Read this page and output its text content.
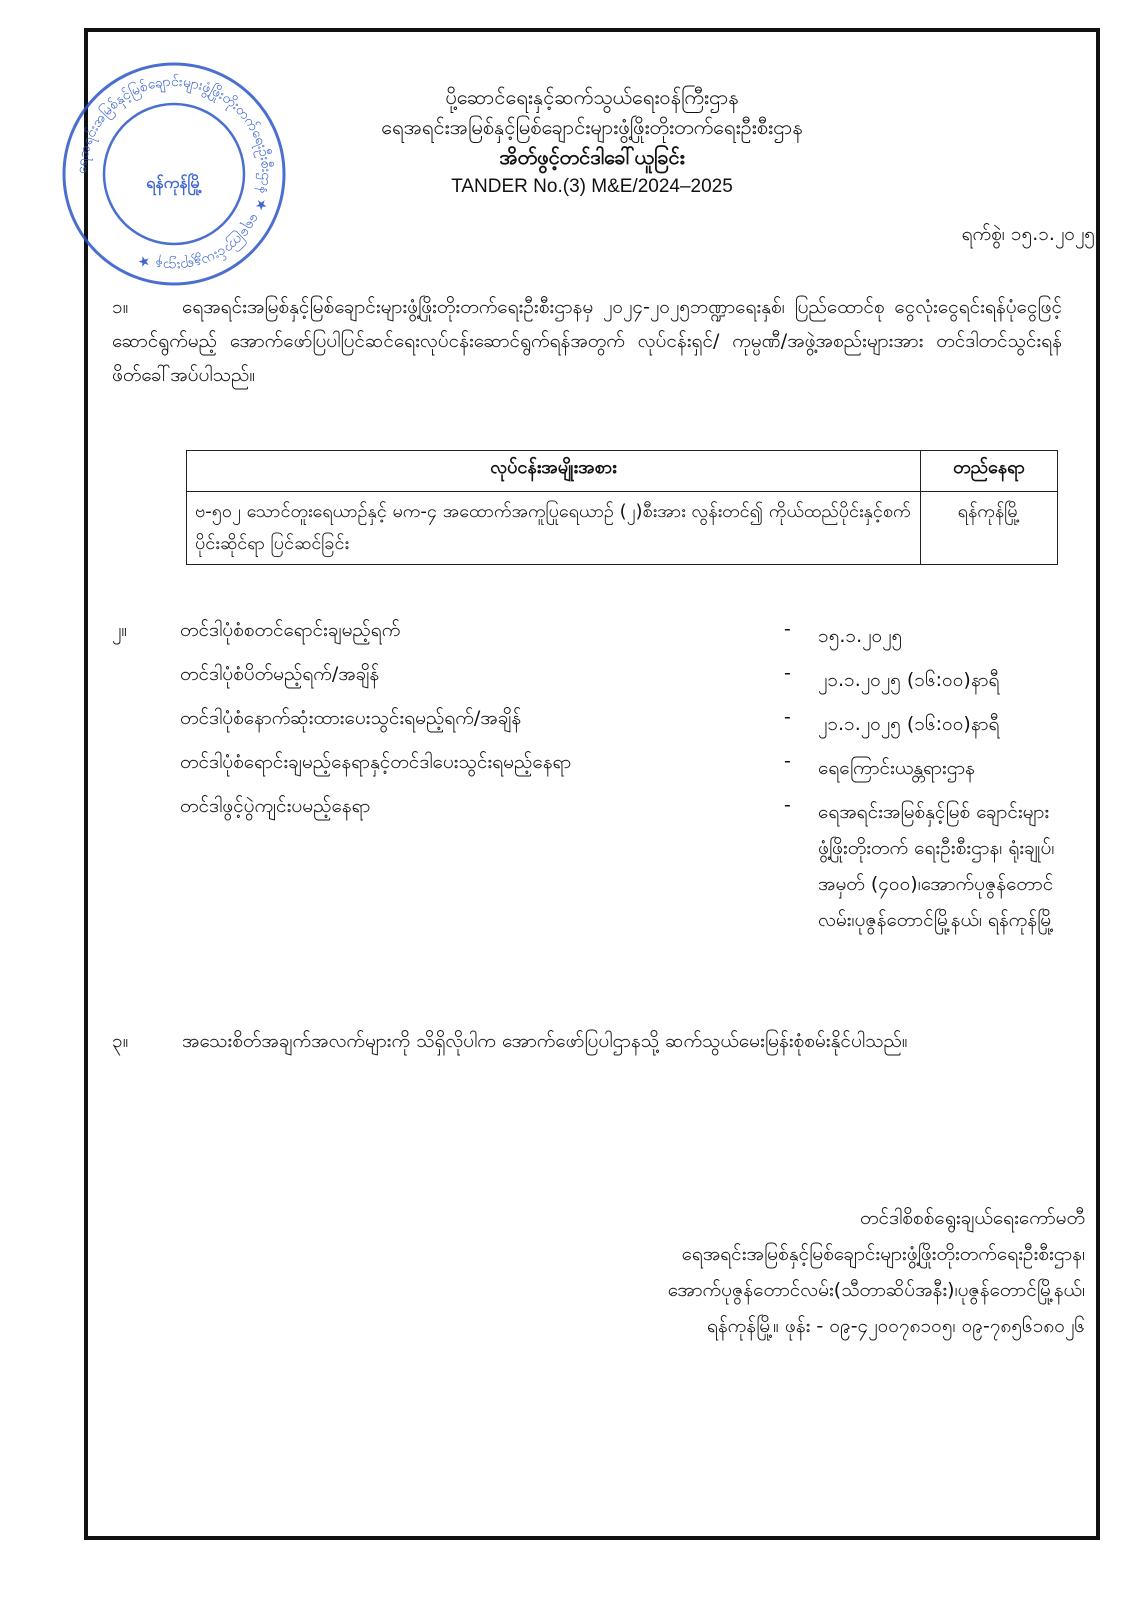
ရေအရင်းအမြစ်နှင့်မြစ်ချောင်းများဖွံ့ဖြိုးတိုးတက်ရေးဦးစီးဌာန ★ ရေကြောင်းယန္တရားဌာန ★
ရန်ကုန်မြို့
ပို့ဆောင်ရေးနှင့်ဆက်သွယ်ရေးဝန်ကြီးဌာန
ရေအရင်းအမြစ်နှင့်မြစ်ချောင်းများဖွံ့ဖြိုးတိုးတက်ရေးဦးစီးဌာန
အိတ်ဖွင့်တင်ဒါခေါ်ယူခြင်း
TANDER No.(3) M&E/2024–2025
ရက်စွဲ၊ ၁၅.၁.၂၀၂၅
၁။	ရေအရင်းအမြစ်နှင့်မြစ်ချောင်းများဖွံ့ဖြိုးတိုးတက်ရေးဦးစီးဌာနမှ ၂၀၂၄-၂၀၂၅ဘဏ္ဍာရေးနှစ်၊ ပြည်ထောင်စု ငွေလုံးငွေရင်းရန်ပုံငွေဖြင့်ဆောင်ရွက်မည့် အောက်ဖော်ပြပါပြင်ဆင်ရေးလုပ်ငန်းဆောင်ရွက်ရန်အတွက် လုပ်ငန်းရှင်/ ကုမ္ပဏီ/အဖွဲ့အစည်းများအား တင်ဒါတင်သွင်းရန် ဖိတ်ခေါ်အပ်ပါသည်။
လုပ်ငန်းအမျိုးအစား	တည်နေရာ
ဗ-၅၀၂ သောင်တူးရေယာဉ်နှင့် မက-၄ အထောက်အကူပြုရေယာဉ် (၂)စီးအား လွန်းတင်၍ ကိုယ်ထည်ပိုင်းနှင့်စက်ပိုင်းဆိုင်ရာ ပြင်ဆင်ခြင်း	ရန်ကုန်မြို့
၂။	တင်ဒါပုံစံစတင်ရောင်းချမည့်ရက်	- ၁၅.၁.၂၀၂၅
တင်ဒါပုံစံပိတ်မည့်ရက်/အချိန်	- ၂၁.၁.၂၀၂၅ (၁၆:၀၀)နာရီ
တင်ဒါပုံစံနောက်ဆုံးထားပေးသွင်းရမည့်ရက်/အချိန်	- ၂၁.၁.၂၀၂၅ (၁၆:၀၀)နာရီ
တင်ဒါပုံစံရောင်းချမည့်နေရာနှင့်တင်ဒါပေးသွင်းရမည့်နေရာ	- ရေကြောင်းယန္တရားဌာန
တင်ဒါဖွင့်ပွဲကျင်းပမည့်နေရာ	- ရေအရင်းအမြစ်နှင့်မြစ် ချောင်းများဖွံ့ဖြိုးတိုးတက် ရေးဦးစီးဌာန၊ ရုံးချုပ်၊ အမှတ် (၄၀၀)၊အောက်ပုဇွန်တောင် လမ်း၊ပုဇွန်တောင်မြို့နယ်၊ ရန်ကုန်မြို့
၃။	အသေးစိတ်အချက်အလက်များကို သိရှိလိုပါက အောက်ဖော်ပြပါဌာနသို့ ဆက်သွယ်မေးမြန်းစုံစမ်းနိုင်ပါသည်။
တင်ဒါစိစစ်ရွေးချယ်ရေးကော်မတီ
ရေအရင်းအမြစ်နှင့်မြစ်ချောင်းများဖွံ့ဖြိုးတိုးတက်ရေးဦးစီးဌာန၊
အောက်ပုဇွန်တောင်လမ်း(သီတာဆိပ်အနီး)၊ပုဇွန်တောင်မြို့နယ်၊
ရန်ကုန်မြို့။ ဖုန်း - ၀၉-၄၂၀၀၇၈၁၀၅၊ ၀၉-၇၈၅၆၁၈၀၂၆
